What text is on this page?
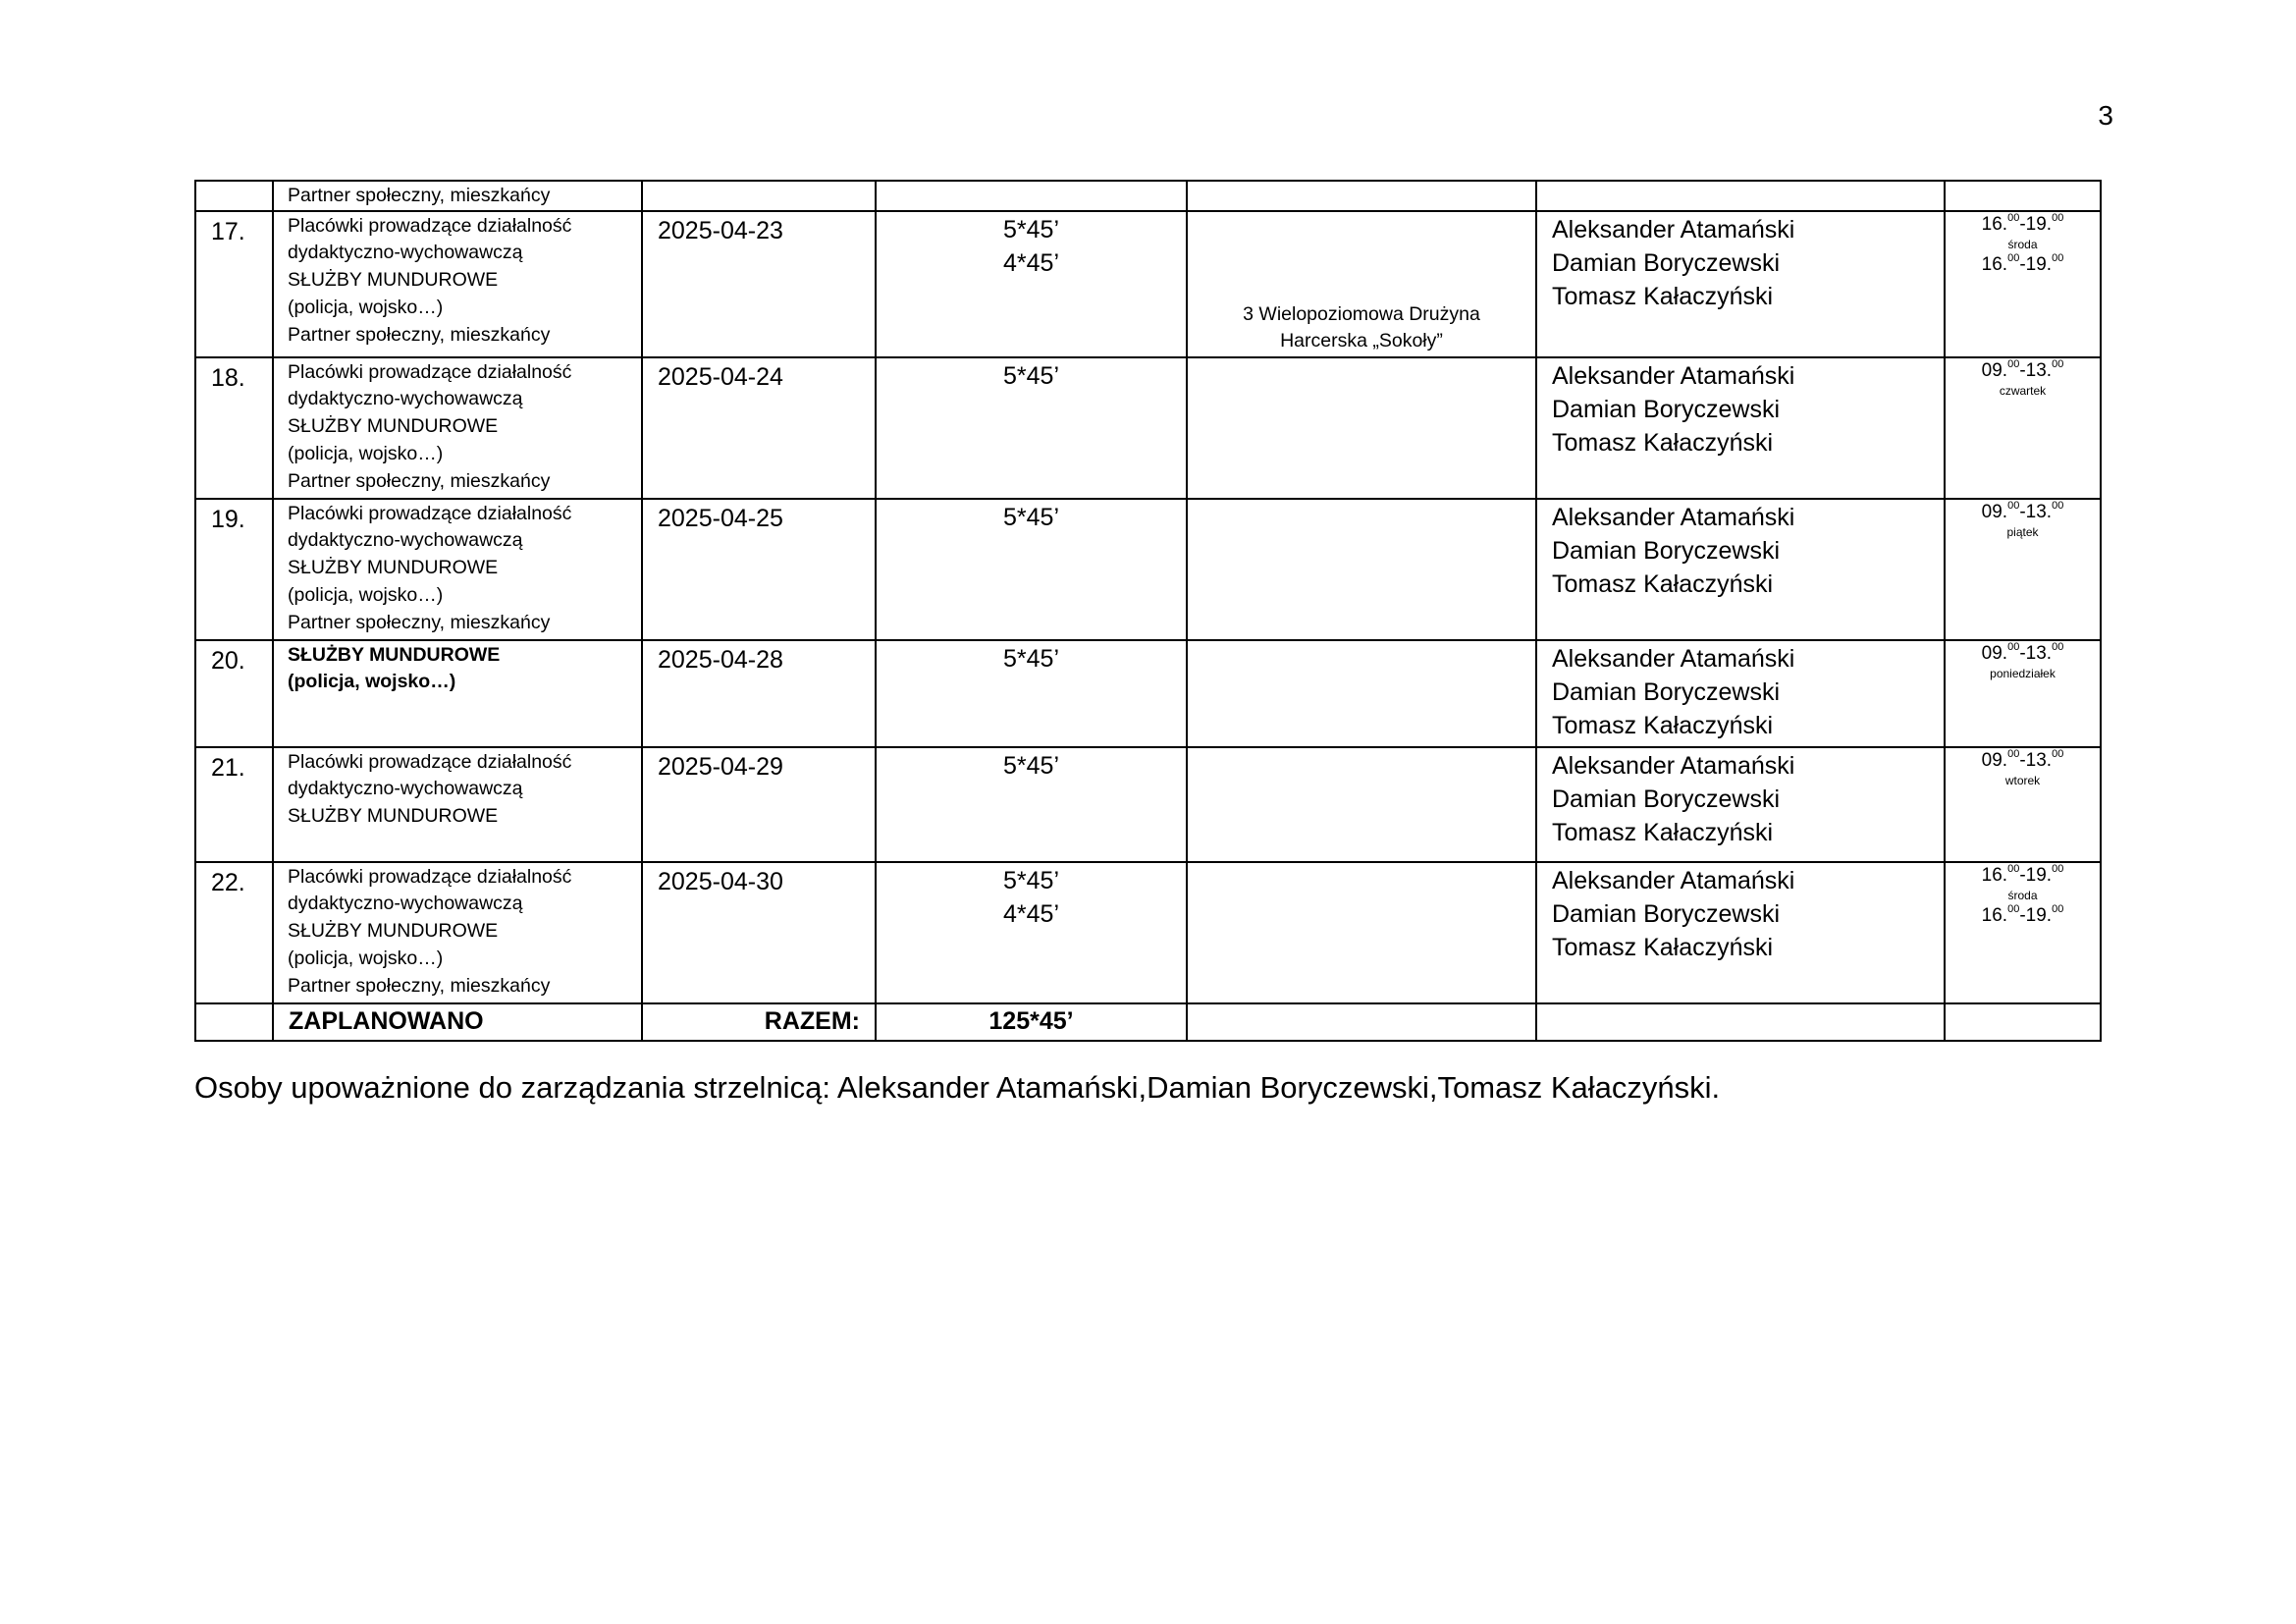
3

	Partner społeczny, mieszkańcy					

17.	Placówki prowadzące działalność
dydaktyczno-wychowawczą
SŁUŻBY MUNDUROWE
(policja, wojsko…)
Partner społeczny, mieszkańcy	2025-04-23	5*45’
4*45’	3 Wielopoziomowa Drużyna
Harcerska „Sokoły”	Aleksander Atamański
Damian Boryczewski
Tomasz Kałaczyński	16.00-19.00
środa
16.00-19.00

18.	Placówki prowadzące działalność
dydaktyczno-wychowawczą
SŁUŻBY MUNDUROWE
(policja, wojsko…)
Partner społeczny, mieszkańcy	2025-04-24	5*45’		Aleksander Atamański
Damian Boryczewski
Tomasz Kałaczyński	09.00-13.00
czwartek

19.	Placówki prowadzące działalność
dydaktyczno-wychowawczą
SŁUŻBY MUNDUROWE
(policja, wojsko…)
Partner społeczny, mieszkańcy	2025-04-25	5*45’		Aleksander Atamański
Damian Boryczewski
Tomasz Kałaczyński	09.00-13.00
piątek

20.	SŁUŻBY MUNDUROWE
(policja, wojsko…)	2025-04-28	5*45’		Aleksander Atamański
Damian Boryczewski
Tomasz Kałaczyński	09.00-13.00
poniedziałek

21.	Placówki prowadzące działalność
dydaktyczno-wychowawczą
SŁUŻBY MUNDUROWE	2025-04-29	5*45’		Aleksander Atamański
Damian Boryczewski
Tomasz Kałaczyński	09.00-13.00
wtorek

22.	Placówki prowadzące działalność
dydaktyczno-wychowawczą
SŁUŻBY MUNDUROWE
(policja, wojsko…)
Partner społeczny, mieszkańcy	2025-04-30	5*45’
4*45’		Aleksander Atamański
Damian Boryczewski
Tomasz Kałaczyński	16.00-19.00
środa
16.00-19.00

	ZAPLANOWANO	RAZEM:	125*45’			
Osoby upoważnione do zarządzania strzelnicą: Aleksander Atamański,Damian Boryczewski,Tomasz Kałaczyński.
